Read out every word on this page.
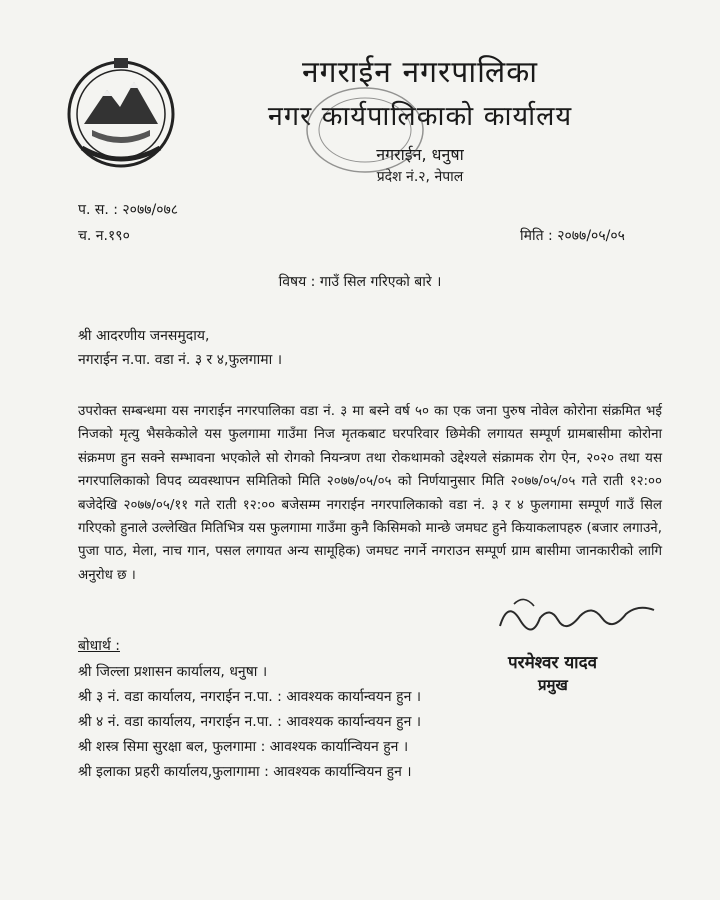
नगराईन नगरपालिका
नगर कार्यपालिकाको कार्यालय
नगराईन, धनुषा
प्रदेश नं.२, नेपाल
प. स. : २०७७/०७८
च. न.१९०	मिति : २०७७/०५/०५
विषय : गाउँ सिल गरिएको बारे ।
श्री आदरणीय जनसमुदाय,
नगराईन न.पा. वडा नं. ३ र ४,फुलगामा ।
उपरोक्त सम्बन्धमा यस नगराईन नगरपालिका वडा नं. ३ मा बस्ने वर्ष ५० का एक जना पुरुष नोवेल कोरोना संक्रमित भई निजको मृत्यु भैसकेकोले यस फुलगामा गाउँमा निज मृतकबाट घरपरिवार छिमेकी लगायत सम्पूर्ण ग्रामबासीमा कोरोना संक्रमण हुन सक्ने सम्भावना भएकोले सो रोगको नियन्त्रण तथा रोकथामको उद्देश्यले संक्रामक रोग ऐन, २०२० तथा यस नगरपालिकाको विपद व्यवस्थापन समितिको मिति २०७७/०५/०५ को निर्णयानुसार मिति २०७७/०५/०५ गते राती १२:०० बजेदेखि २०७७/०५/११ गते राती १२:०० बजेसम्म नगराईन नगरपालिकाको वडा नं. ३ र ४ फुलगामा सम्पूर्ण गाउँ सिल गरिएको हुनाले उल्लेखित मितिभित्र यस फुलगामा गाउँमा कुनै किसिमको मान्छे जमघट हुने कियाकलापहरु (बजार लगाउने, पुजा पाठ, मेला, नाच गान, पसल लगायत अन्य सामूहिक) जमघट नगर्ने नगराउन सम्पूर्ण ग्राम बासीमा जानकारीको लागि अनुरोध छ ।
परमेश्वर यादव
प्रमुख
बोधार्थ :
श्री जिल्ला प्रशासन कार्यालय, धनुषा ।
श्री ३ नं. वडा कार्यालय, नगराईन न.पा. : आवश्यक कार्यान्वयन हुन ।
श्री ४ नं. वडा कार्यालय, नगराईन न.पा. : आवश्यक कार्यान्वयन हुन ।
श्री शस्त्र सिमा सुरक्षा बल, फुलगामा : आवश्यक कार्यान्वियन हुन ।
श्री इलाका प्रहरी कार्यालय,फुलागामा : आवश्यक कार्यान्वियन हुन ।
